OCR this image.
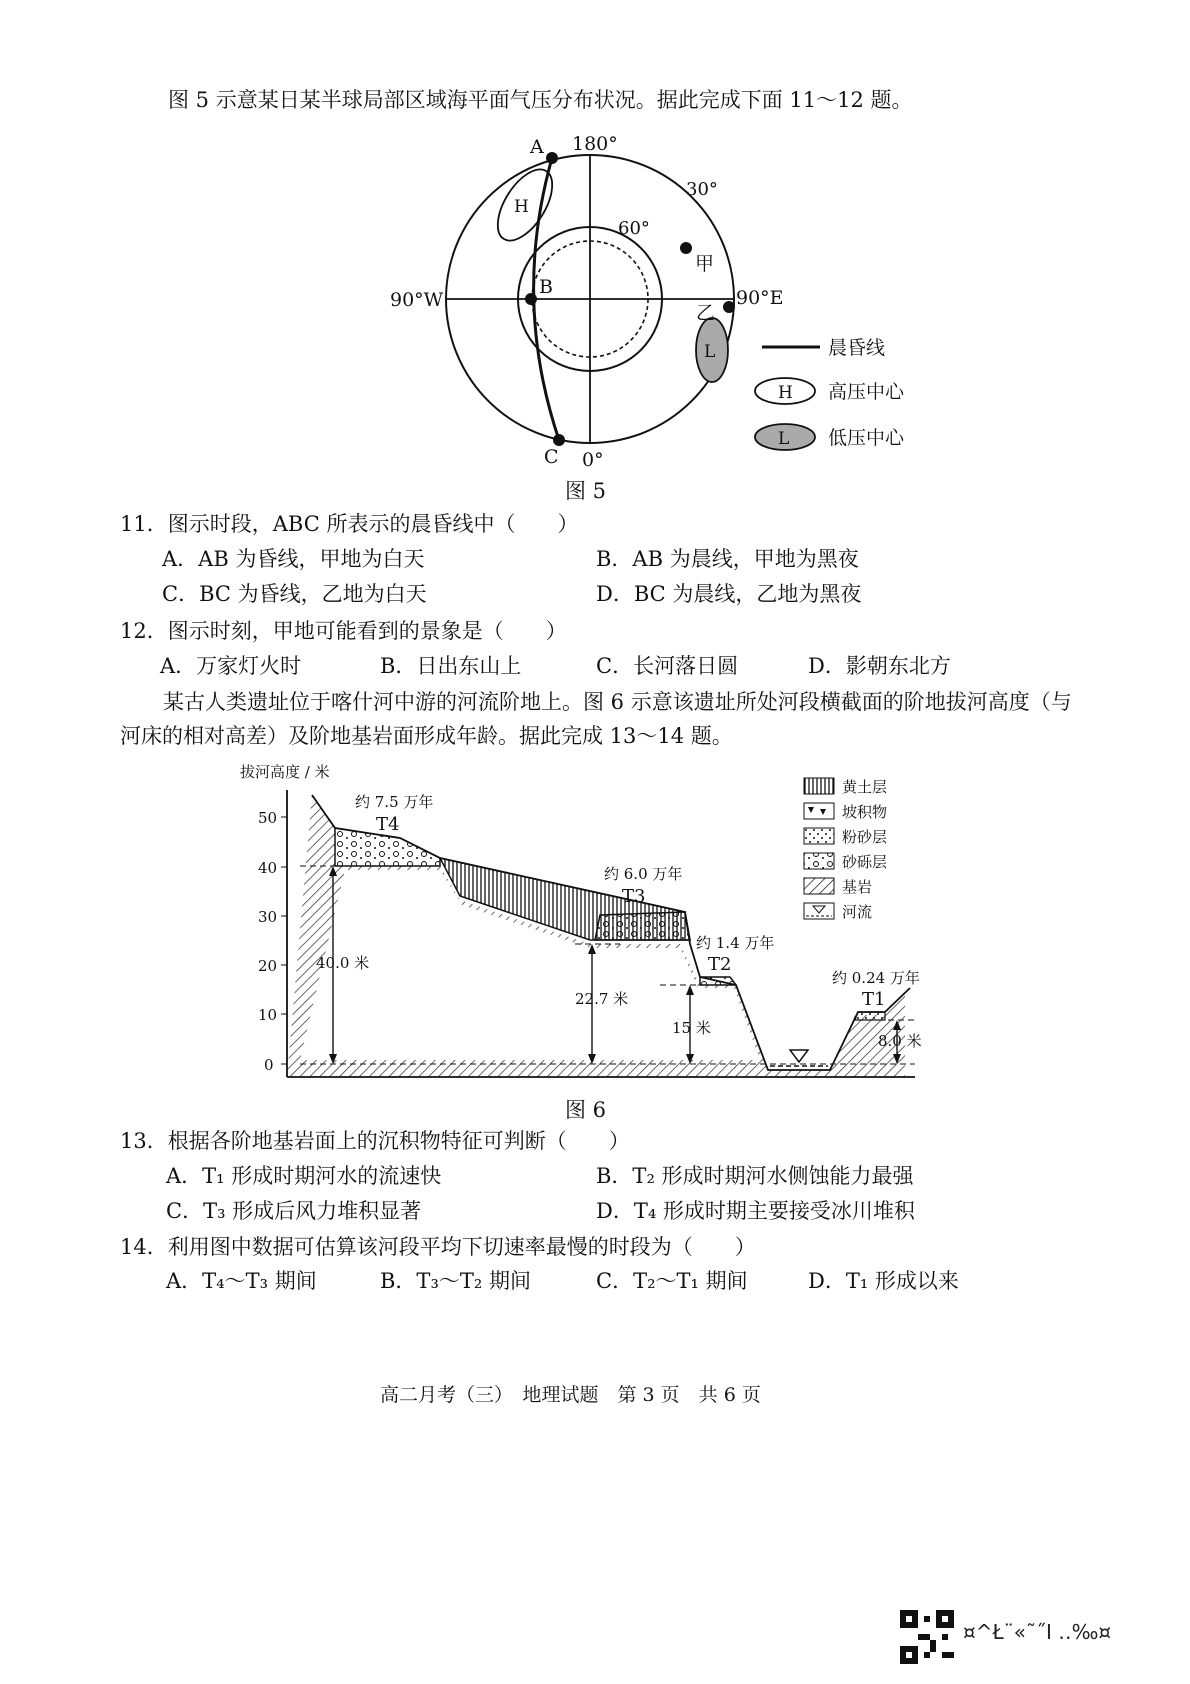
图 5 示意某日某半球局部区域海平面气压分布状况。据此完成下面 11～12 题。
H
L
A 180°
30°
60°
甲
90°W
B	90°E
乙
C 0°
晨昏线
H 高压中心
L 低压中心
图 5
11．图示时段，ABC 所表示的晨昏线中（　　）
A．AB 为昏线，甲地为白天	B．AB 为晨线，甲地为黑夜
C．BC 为昏线，乙地为白天	D．BC 为晨线，乙地为黑夜
12．图示时刻，甲地可能看到的景象是（　　）
A．万家灯火时	B．日出东山上	C．长河落日圆	D．影朝东北方
某古人类遗址位于喀什河中游的河流阶地上。图 6 示意该遗址所处河段横截面的阶地拔河高度（与
河床的相对高差）及阶地基岩面形成年龄。据此完成 13～14 题。
拔河高度 / 米
50
40
30
20
10
0
40.0 米
22.7 米
15 米
8.0 米
约 7.5 万年
约 6.0 万年
约 1.4 万年
约 0.24 万年
T4
T3
T2
T1
黄土层
坡积物
粉砂层
砂砾层
基岩
河流
图 6
13．根据各阶地基岩面上的沉积物特征可判断（　　）
A．T₁ 形成时期河水的流速快	B．T₂ 形成时期河水侧蚀能力最强
C．T₃ 形成后风力堆积显著	D．T₄ 形成时期主要接受冰川堆积
14．利用图中数据可估算该河段平均下切速率最慢的时段为（　　）
A．T₄～T₃ 期间	B．T₃～T₂ 期间	C．T₂～T₁ 期间	D．T₁ 形成以来
高二月考（三）　地理试题　第 3 页　共 6 页
¤^Ł¨«˜˝Ι ‥‰¤
